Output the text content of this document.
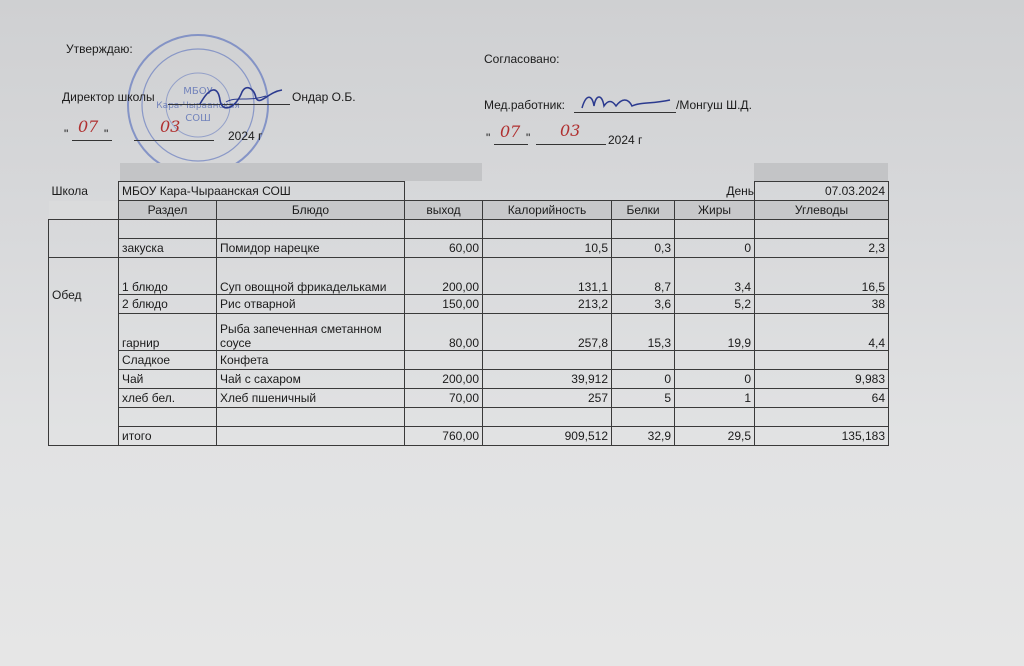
МБОУ
Кара-Чыраанская
СОШ
Утверждаю:
Директор школы	Ондар О.Б.
" 07 "	03	2024 г
Согласовано:
Мед.работник:	/Монгуш Ш.Д.
" 07 " 03 2024 г
Школа	МБОУ Кара-Чыраанская СОШ					День	07.03.2024
	Раздел	Блюдо	выход	Калорийность	Белки	Жиры	Углеводы

	закуска	Помидор нарецке	60,00	10,5	0,3	0	2,3
Обед	1 блюдо	Суп овощной фрикадельками	200,00	131,1	8,7	3,4	16,5
	2 блюдо	Рис отварной	150,00	213,2	3,6	5,2	38
	гарнир	Рыба запеченная сметанном соусе	80,00	257,8	15,3	19,9	4,4
	Сладкое	Конфета					
	Чай	Чай с сахаром	200,00	39,912	0	0	9,983
	хлеб бел.	Хлеб пшеничный	70,00	257	5	1	64

	итого		760,00	909,512	32,9	29,5	135,183
